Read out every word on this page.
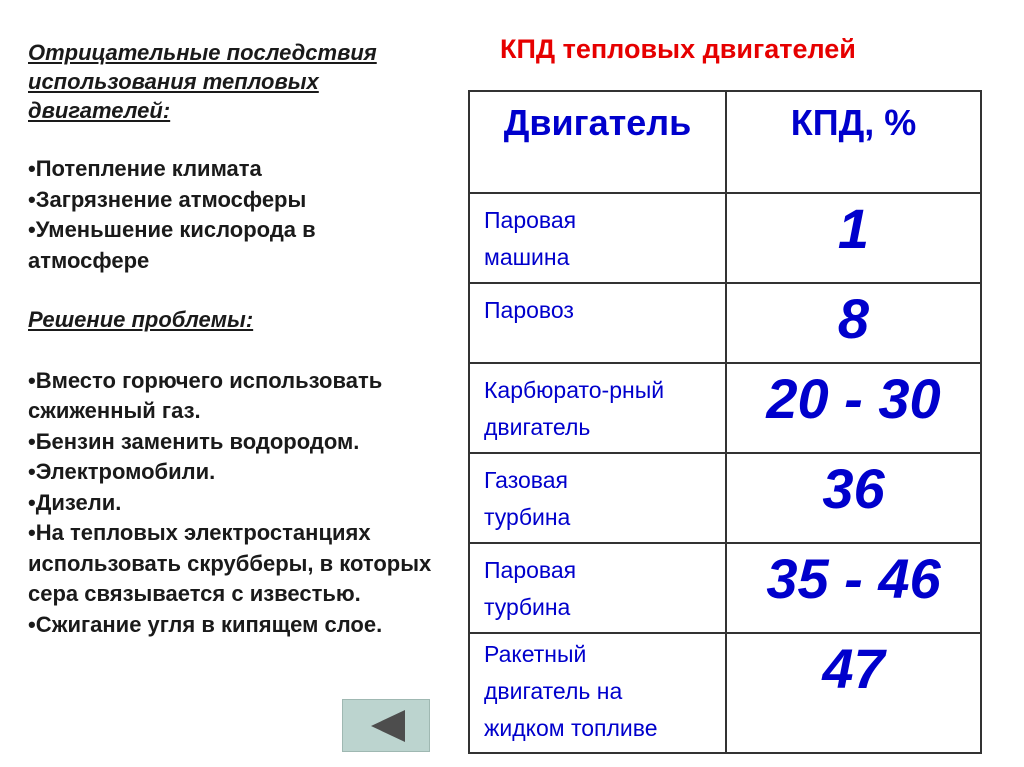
Отрицательные последствия использования тепловых двигателей:

• Потепление климата

• Загрязнение атмосферы

• Уменьшение кислорода в атмосфере

Решение проблемы:

• Вместо горючего использовать сжиженный газ.

• Бензин заменить водородом.

• Электромобили.

• Дизели.

• На тепловых электростанциях использовать скрубберы, в которых сера связывается с известью.

• Сжигание угля в кипящем слое.

КПД тепловых двигателей
Двигатель	КПД, %
Паровая машина	1
Паровоз	8
Карбюрато-рный двигатель	20 - 30
Газовая турбина	36
Паровая турбина	35 - 46
Ракетный двигатель на жидком топливе	47
